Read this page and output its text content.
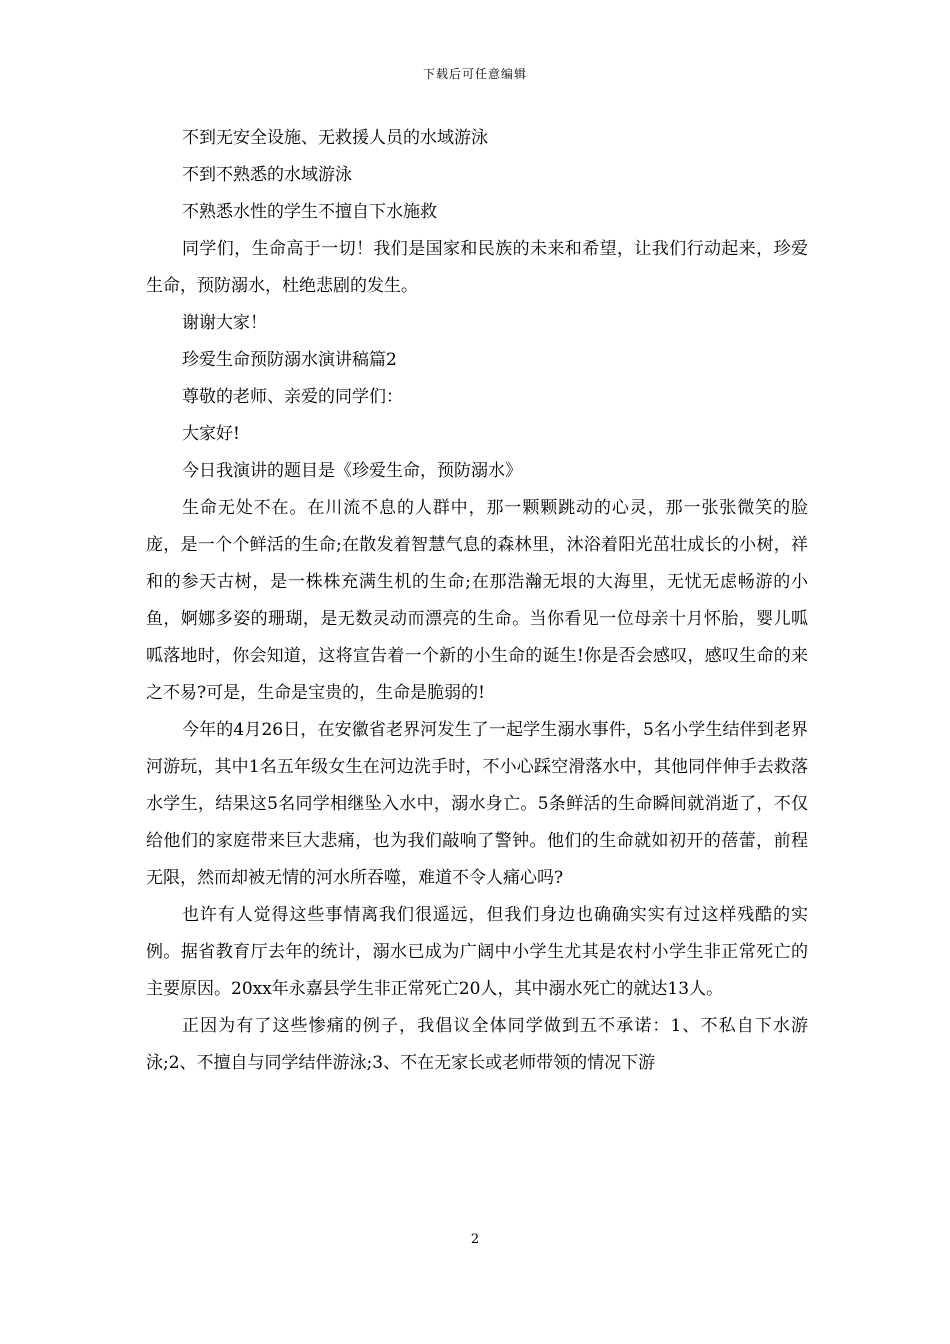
下载后可任意编辑

不到无安全设施、无救援人员的水域游泳

不到不熟悉的水域游泳

不熟悉水性的学生不擅自下水施救

同学们，生命高于一切！我们是国家和民族的未来和希望，让我们行动起来，珍爱生命，预防溺水，杜绝悲剧的发生。

谢谢大家！

珍爱生命预防溺水演讲稿篇2

尊敬的老师、亲爱的同学们：

大家好!

今日我演讲的题目是《珍爱生命，预防溺水》

生命无处不在。在川流不息的人群中，那一颗颗跳动的心灵，那一张张微笑的脸庞，是一个个鲜活的生命;在散发着智慧气息的森林里，沐浴着阳光茁壮成长的小树，祥和的参天古树，是一株株充满生机的生命;在那浩瀚无垠的大海里，无忧无虑畅游的小鱼，婀娜多姿的珊瑚，是无数灵动而漂亮的生命。当你看见一位母亲十月怀胎，婴儿呱呱落地时，你会知道，这将宣告着一个新的小生命的诞生!你是否会感叹，感叹生命的来之不易?可是，生命是宝贵的，生命是脆弱的!

今年的4月26日，在安徽省老界河发生了一起学生溺水事件，5名小学生结伴到老界河游玩，其中1名五年级女生在河边洗手时，不小心踩空滑落水中，其他同伴伸手去救落水学生，结果这5名同学相继坠入水中，溺水身亡。5条鲜活的生命瞬间就消逝了，不仅给他们的家庭带来巨大悲痛，也为我们敲响了警钟。他们的生命就如初开的蓓蕾，前程无限，然而却被无情的河水所吞噬，难道不令人痛心吗?

也许有人觉得这些事情离我们很遥远，但我们身边也确确实实有过这样残酷的实例。据省教育厅去年的统计，溺水已成为广阔中小学生尤其是农村小学生非正常死亡的主要原因。20xx年永嘉县学生非正常死亡20人，其中溺水死亡的就达13人。

正因为有了这些惨痛的例子，我倡议全体同学做到五不承诺：1、不私自下水游泳;2、不擅自与同学结伴游泳;3、不在无家长或老师带领的情况下游

2
